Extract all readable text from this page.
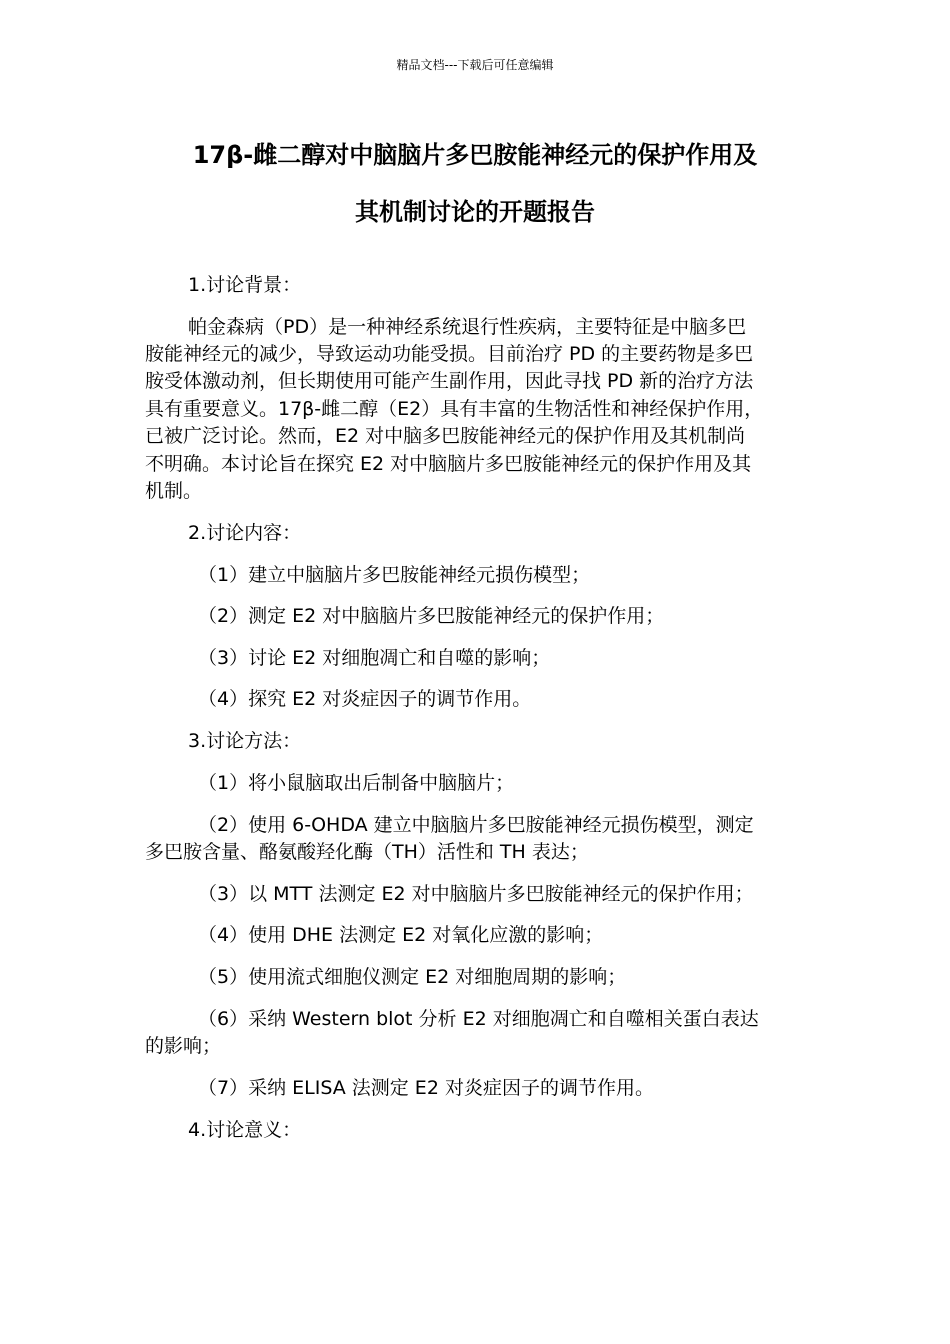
精品文档---下载后可任意编辑
17β-雌二醇对中脑脑片多巴胺能神经元的保护作用及
其机制讨论的开题报告
1.讨论背景：
帕金森病（PD）是一种神经系统退行性疾病，主要特征是中脑多巴
胺能神经元的减少，导致运动功能受损。目前治疗 PD 的主要药物是多巴
胺受体激动剂，但长期使用可能产生副作用，因此寻找 PD 新的治疗方法
具有重要意义。17β-雌二醇（E2）具有丰富的生物活性和神经保护作用，
已被广泛讨论。然而，E2 对中脑多巴胺能神经元的保护作用及其机制尚
不明确。本讨论旨在探究 E2 对中脑脑片多巴胺能神经元的保护作用及其
机制。
2.讨论内容：
（1）建立中脑脑片多巴胺能神经元损伤模型；
（2）测定 E2 对中脑脑片多巴胺能神经元的保护作用；
（3）讨论 E2 对细胞凋亡和自噬的影响；
（4）探究 E2 对炎症因子的调节作用。
3.讨论方法：
（1）将小鼠脑取出后制备中脑脑片；
（2）使用 6-OHDA 建立中脑脑片多巴胺能神经元损伤模型，测定
多巴胺含量、酪氨酸羟化酶（TH）活性和 TH 表达；
（3）以 MTT 法测定 E2 对中脑脑片多巴胺能神经元的保护作用；
（4）使用 DHE 法测定 E2 对氧化应激的影响；
（5）使用流式细胞仪测定 E2 对细胞周期的影响；
（6）采纳 Western blot 分析 E2 对细胞凋亡和自噬相关蛋白表达
的影响；
（7）采纳 ELISA 法测定 E2 对炎症因子的调节作用。
4.讨论意义：
